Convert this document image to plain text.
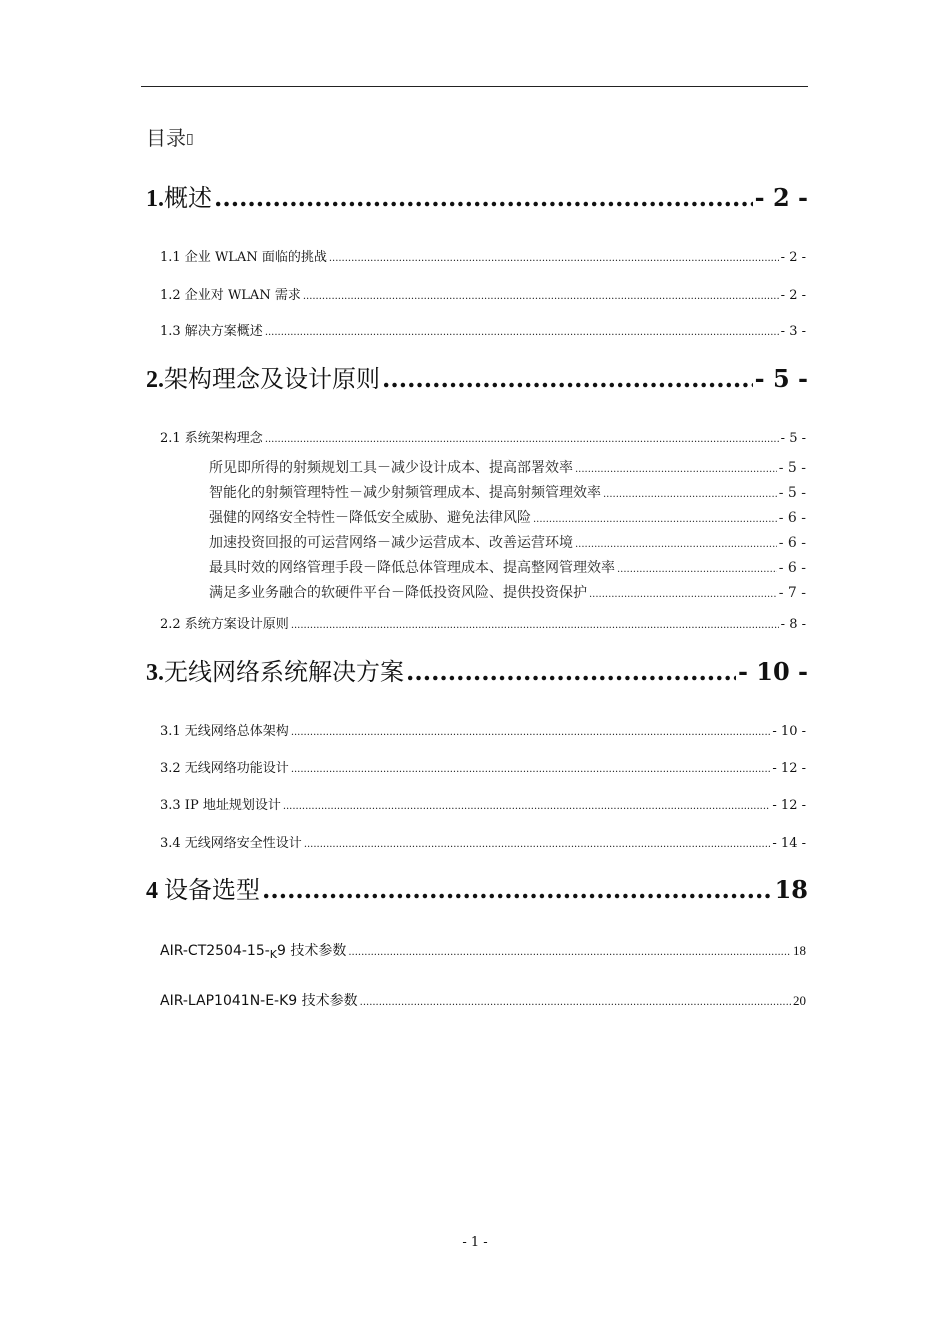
目录▯
1.概述 .....	- 2 -
1.1 企业 WLAN 面临的挑战 .....	- 2 -
1.2 企业对 WLAN 需求 .....	- 2 -
1.3 解决方案概述 .....	- 3 -
2.架构理念及设计原则 .....	- 5 -
2.1 系统架构理念 .....	- 5 -
所见即所得的射频规划工具－减少设计成本、提高部署效率 .....	- 5 -
智能化的射频管理特性－减少射频管理成本、提高射频管理效率 .....	- 5 -
强健的网络安全特性－降低安全威胁、避免法律风险 .....	- 6 -
加速投资回报的可运营网络－减少运营成本、改善运营环境 .....	- 6 -
最具时效的网络管理手段－降低总体管理成本、提高整网管理效率 .....	- 6 -
满足多业务融合的软硬件平台－降低投资风险、提供投资保护 .....	- 7 -
2.2 系统方案设计原则 .....	- 8 -
3.无线网络系统解决方案 .....	- 10 -
3.1 无线网络总体架构 .....	- 10 -
3.2 无线网络功能设计 .....	- 12 -
3.3 IP 地址规划设计 .....	- 12 -
3.4 无线网络安全性设计 .....	- 14 -
4 设备选型 .....	18
AIR-$CT2504-15-_K9$ 技术参数 .....	18
AIR-LAP1041N-E-K9 技术参数 .....	20
- 1 -
